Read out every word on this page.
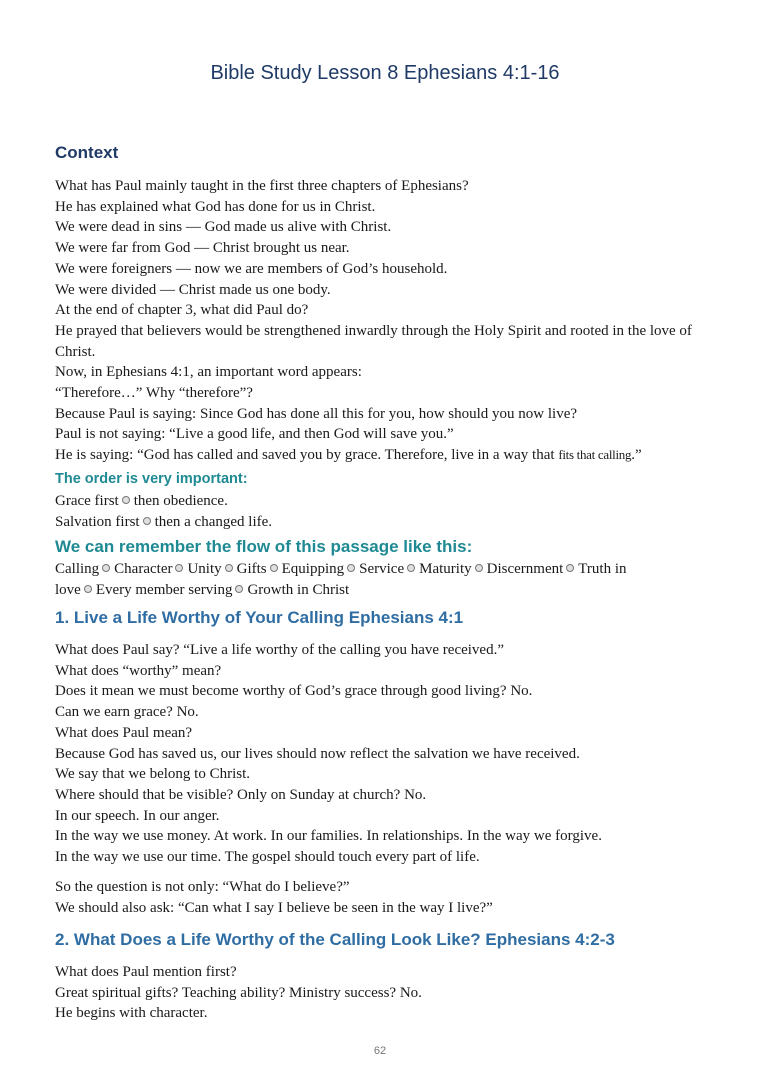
Bible Study Lesson 8 Ephesians 4:1‑16
Context
What has Paul mainly taught in the first three chapters of Ephesians?
He has explained what God has done for us in Christ.
We were dead in sins — God made us alive with Christ.
We were far from God — Christ brought us near.
We were foreigners — now we are members of God’s household.
We were divided — Christ made us one body.
At the end of chapter 3, what did Paul do?
He prayed that believers would be strengthened inwardly through the Holy Spirit and rooted in the love of Christ.
Now, in Ephesians 4:1, an important word appears:
“Therefore…” Why “therefore”?
Because Paul is saying: Since God has done all this for you, how should you now live?
Paul is not saying: “Live a good life, and then God will save you.”
He is saying: “God has called and saved you by grace. Therefore, live in a way that fits that calling.”
The order is very important:
Grace first then obedience.
Salvation first then a changed life.
We can remember the flow of this passage like this:
Calling Character Unity Gifts Equipping Service Maturity Discernment Truth in
love Every member serving Growth in Christ
1. Live a Life Worthy of Your Calling Ephesians 4:1
What does Paul say? “Live a life worthy of the calling you have received.”
What does “worthy” mean?
Does it mean we must become worthy of God’s grace through good living? No.
Can we earn grace? No.
What does Paul mean?
Because God has saved us, our lives should now reflect the salvation we have received.
We say that we belong to Christ.
Where should that be visible? Only on Sunday at church? No.
In our speech. In our anger.
In the way we use money. At work. In our families. In relationships. In the way we forgive.
In the way we use our time. The gospel should touch every part of life.
So the question is not only: “What do I believe?”
We should also ask: “Can what I say I believe be seen in the way I live?”
2. What Does a Life Worthy of the Calling Look Like? Ephesians 4:2‑3
What does Paul mention first?
Great spiritual gifts? Teaching ability? Ministry success? No.
He begins with character.
62
